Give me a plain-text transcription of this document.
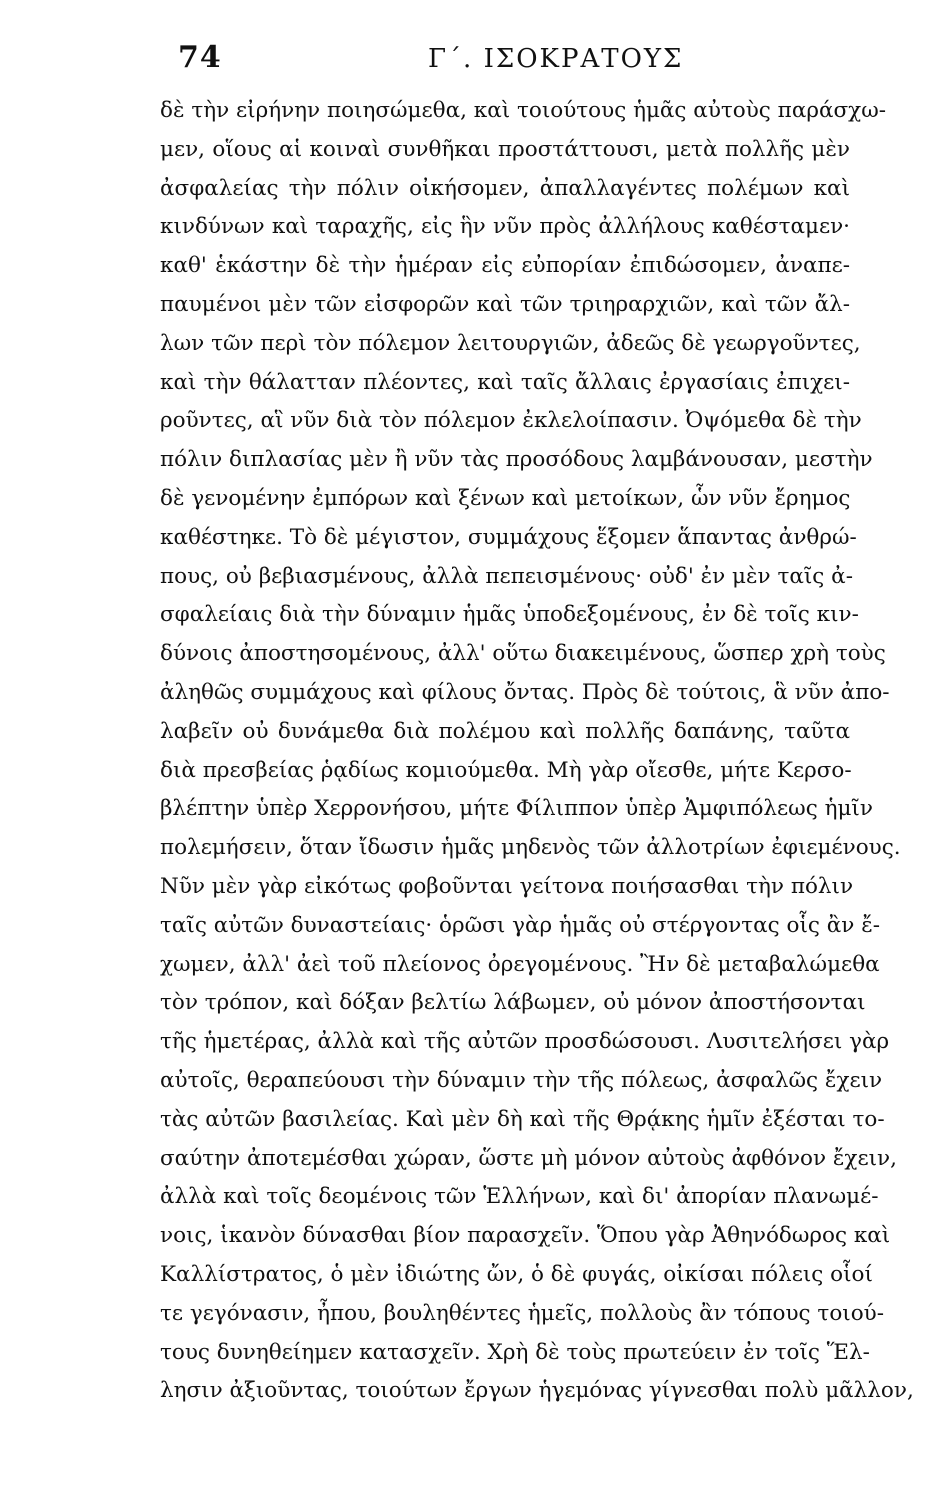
74	Γ΄. ΙΣΟΚΡΑΤΟΥΣ
δὲ τὴν εἰρήνην ποιησώμεθα, καὶ τοιούτους ἡμᾶς αὐτοὺς παράσχω-
μεν, οἵους αἱ κοιναὶ συνθῆκαι προστάττουσι, μετὰ πολλῆς μὲν
ἀσφαλείας τὴν πόλιν οἰκήσομεν, ἀπαλλαγέντες πολέμων καὶ
κινδύνων καὶ ταραχῆς, εἰς ἣν νῦν πρὸς ἀλλήλους καθέσταμεν·
καθ' ἑκάστην δὲ τὴν ἡμέραν εἰς εὐπορίαν ἐπιδώσομεν, ἀναπε-
παυμένοι μὲν τῶν εἰσφορῶν καὶ τῶν τριηραρχιῶν, καὶ τῶν ἄλ-
λων τῶν περὶ τὸν πόλεμον λειτουργιῶν, ἀδεῶς δὲ γεωργοῦντες,
καὶ τὴν θάλατταν πλέοντες, καὶ ταῖς ἄλλαις ἐργασίαις ἐπιχει-
ροῦντες, αἳ νῦν διὰ τὸν πόλεμον ἐκλελοίπασιν. Ὀψόμεθα δὲ τὴν
πόλιν διπλασίας μὲν ἢ νῦν τὰς προσόδους λαμβάνουσαν, μεστὴν
δὲ γενομένην ἐμπόρων καὶ ξένων καὶ μετοίκων, ὧν νῦν ἔρημος
καθέστηκε. Τὸ δὲ μέγιστον, συμμάχους ἕξομεν ἅπαντας ἀνθρώ-
πους, οὐ βεβιασμένους, ἀλλὰ πεπεισμένους· οὐδ' ἐν μὲν ταῖς ἀ-
σφαλείαις διὰ τὴν δύναμιν ἡμᾶς ὑποδεξομένους, ἐν δὲ τοῖς κιν-
δύνοις ἀποστησομένους, ἀλλ' οὕτω διακειμένους, ὥσπερ χρὴ τοὺς
ἀληθῶς συμμάχους καὶ φίλους ὄντας. Πρὸς δὲ τούτοις, ἃ νῦν ἀπο-
λαβεῖν οὐ δυνάμεθα διὰ πολέμου καὶ πολλῆς δαπάνης, ταῦτα
διὰ πρεσβείας ῥᾳδίως κομιούμεθα. Μὴ γὰρ οἴεσθε, μήτε Κερσο-
βλέπτην ὑπὲρ Χερρονήσου, μήτε Φίλιππον ὑπὲρ Ἀμφιπόλεως ἡμῖν
πολεμήσειν, ὅταν ἴδωσιν ἡμᾶς μηδενὸς τῶν ἀλλοτρίων ἐφιεμένους.
Νῦν μὲν γὰρ εἰκότως φοβοῦνται γείτονα ποιήσασθαι τὴν πόλιν
ταῖς αὐτῶν δυναστείαις· ὁρῶσι γὰρ ἡμᾶς οὐ στέργοντας οἷς ἂν ἔ-
χωμεν, ἀλλ' ἀεὶ τοῦ πλείονος ὀρεγομένους. Ἢν δὲ μεταβαλώμεθα
τὸν τρόπον, καὶ δόξαν βελτίω λάβωμεν, οὐ μόνον ἀποστήσονται
τῆς ἡμετέρας, ἀλλὰ καὶ τῆς αὐτῶν προσδώσουσι. Λυσιτελήσει γὰρ
αὐτοῖς, θεραπεύουσι τὴν δύναμιν τὴν τῆς πόλεως, ἀσφαλῶς ἔχειν
τὰς αὐτῶν βασιλείας. Καὶ μὲν δὴ καὶ τῆς Θρᾴκης ἡμῖν ἐξέσται το-
σαύτην ἀποτεμέσθαι χώραν, ὥστε μὴ μόνον αὐτοὺς ἀφθόνον ἔχειν,
ἀλλὰ καὶ τοῖς δεομένοις τῶν Ἑλλήνων, καὶ δι' ἀπορίαν πλανωμέ-
νοις, ἱκανὸν δύνασθαι βίον παρασχεῖν. Ὅπου γὰρ Ἀθηνόδωρος καὶ
Καλλίστρατος, ὁ μὲν ἰδιώτης ὤν, ὁ δὲ φυγάς, οἰκίσαι πόλεις οἷοί
τε γεγόνασιν, ἦπου, βουληθέντες ἡμεῖς, πολλοὺς ἂν τόπους τοιού-
τους δυνηθείημεν κατασχεῖν. Χρὴ δὲ τοὺς πρωτεύειν ἐν τοῖς Ἕλ-
λησιν ἀξιοῦντας, τοιούτων ἔργων ἡγεμόνας γίγνεσθαι πολὺ μᾶλλον,
